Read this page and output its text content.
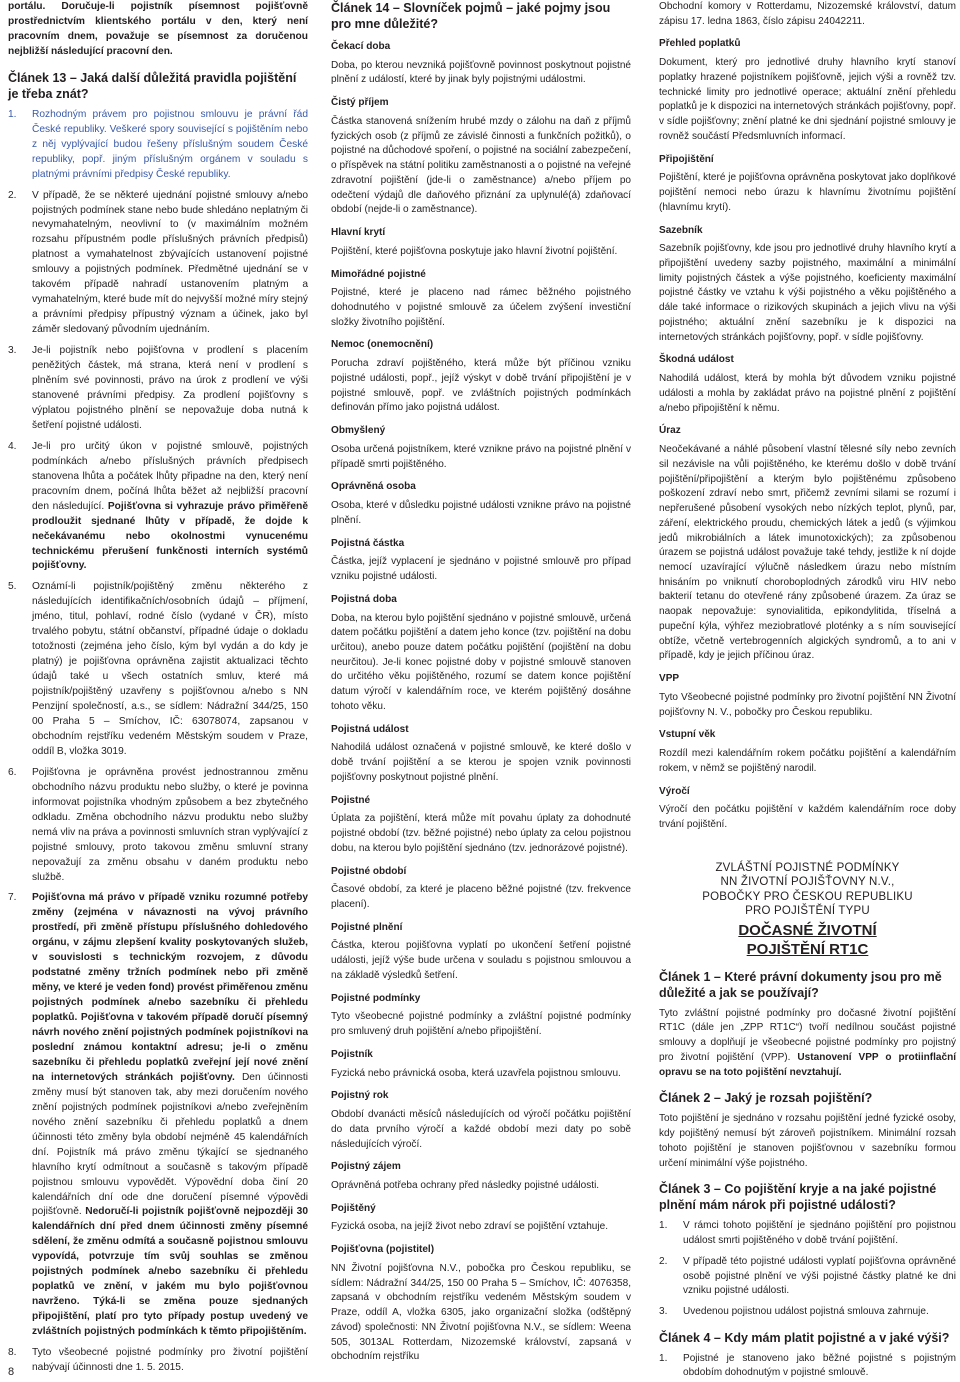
portálu. Doručuje-li pojistník písemnost pojišťovně prostřednictvím klientského portálu v den, který není pracovním dnem, považuje se písemnost za doručenou nejbližší následující pracovní den.

Článek 13 – Jaká další důležitá pravidla pojištění je třeba znát?
1.	Rozhodným právem pro pojistnou smlouvu je právní řád České republiky. Veškeré spory související s pojištěním nebo z něj vyplývající budou řešeny příslušným soudem České republiky, popř. jiným příslušným orgánem v souladu s platnými právními předpisy České republiky.
2.	V případě, že se některé ujednání pojistné smlouvy a/nebo pojistných podmínek stane nebo bude shledáno neplatným či nevymahatelným, neovlivní to (v maximálním možném rozsahu přípustném podle příslušných právních předpisů) platnost a vymahatelnost zbývajících ustanovení pojistné smlouvy a pojistných podmínek. Předmětné ujednání se v takovém případě nahradí ustanovením platným a vymahatelným, které bude mít do nejvyšší možné míry stejný a právními předpisy přípustný význam a účinek, jako byl záměr sledovaný původním ujednáním.
3.	Je-li pojistník nebo pojišťovna v prodlení s placením peněžitých částek, má strana, která není v prodlení s plněním své povinnosti, právo na úrok z prodlení ve výši stanovené právními předpisy. Za prodlení pojišťovny s výplatou pojistného plnění se nepovažuje doba nutná k šetření pojistné události.
4.	Je-li pro určitý úkon v pojistné smlouvě, pojistných podmínkách a/nebo příslušných právních předpisech stanovena lhůta a počátek lhůty připadne na den, který není pracovním dnem, počíná lhůta běžet až nejbližší pracovní den následující. Pojišťovna si vyhrazuje právo přiměřeně prodloužit sjednané lhůty v případě, že dojde k nečekávanému nebo okolnostmi vynucenému technickému přerušení funkčnosti interních systémů pojišťovny.
5.	Oznámí-li pojistník/pojištěný změnu některého z následujících identifikačních/osobních údajů – příjmení, jméno, titul, pohlaví, rodné číslo (vydané v ČR), místo trvalého pobytu, státní občanství, případné údaje o dokladu totožnosti (zejména jeho číslo, kým byl vydán a do kdy je platný) je pojišťovna oprávněna zajistit aktualizaci těchto údajů také u všech ostatních smluv, které má pojistník/pojištěný uzavřeny s pojišťovnou a/nebo s NN Penzijní společností, a.s., se sídlem: Nádražní 344/25, 150 00 Praha 5 – Smíchov, IČ: 63078074, zapsanou v obchodním rejstříku vedeném Městským soudem v Praze, oddíl B, vložka 3019.
6.	Pojišťovna je oprávněna provést jednostrannou změnu obchodního názvu produktu nebo služby, o které je povinna informovat pojistníka vhodným způsobem a bez zbytečného odkladu. Změna obchodního názvu produktu nebo služby nemá vliv na práva a povinnosti smluvních stran vyplývající z pojistné smlouvy, proto takovou změnu smluvní strany nepovažují za změnu obsahu v daném produktu nebo službě.
7.	Pojišťovna má právo v případě vzniku rozumné potřeby změny (zejména v návaznosti na vývoj právního prostředí, při změně přístupu příslušného dohledového orgánu, v zájmu zlepšení kvality poskytovaných služeb, v souvislosti s technickým rozvojem, z důvodu podstatné změny tržních podmínek nebo při změně měny, ve které je veden fond) provést přiměřenou změnu pojistných podmínek a/nebo sazebníku či přehledu poplatků. Pojišťovna v takovém případě doručí písemný návrh nového znění pojistných podmínek pojistníkovi na poslední známou kontaktní adresu; je-li o změnu sazebníku či přehledu poplatků zveřejní její nové znění na internetových stránkách pojišťovny. Den účinnosti změny musí být stanoven tak, aby mezi doručením nového znění pojistných podmínek pojistníkovi a/nebo zveřejněním nového znění sazebníku či přehledu poplatků a dnem účinnosti této změny byla období nejméně 45 kalendářních dní. Pojistník má právo změnu týkající se sjednaného hlavního krytí odmítnout a současně s takovým případě pojistnou smlouvu vypovědět. Výpovědní doba činí 20 kalendářních dní ode dne doručení písemné výpovědi pojišťovně. Nedoručí-li pojistník pojišťovně nejpozději 30 kalendářních dní před dnem účinnosti změny písemné sdělení, že změnu odmítá a současně pojistnou smlouvu vypovídá, potvrzuje tím svůj souhlas se změnou pojistných podmínek a/nebo sazebníku či přehledu poplatků ve znění, v jakém mu bylo pojišťovnou navrženo. Týká-li se změna pouze sjednaných připojištění, platí pro tyto případy postup uvedený ve zvláštních pojistných podmínkách k těmto připojištěním.
8.	Tyto všeobecné pojistné podmínky pro životní pojištění nabývají účinnosti dne 1. 5. 2015.
8
Článek 14 – Slovníček pojmů – jaké pojmy jsou pro mne důležité?
Čekací doba

Doba, po kterou nevzniká pojišťovně povinnost poskytnout pojistné plnění z událostí, které by jinak byly pojistnými událostmi.

Čistý příjem

Částka stanovená snížením hrubé mzdy o zálohu na daň z příjmů fyzických osob (z příjmů ze závislé činnosti a funkčních požitků), o pojistné na důchodové spoření, o pojistné na sociální zabezpečení, o příspěvek na státní politiku zaměstnanosti a o pojistné na veřejné zdravotní pojištění (jde-li o zaměstnance) a/nebo příjem po odečtení výdajů dle daňového přiznání za uplynulé(á) zdaňovací období (nejde-li o zaměstnance).

Hlavní krytí

Pojištění, které pojišťovna poskytuje jako hlavní životní pojištění.

Mimořádné pojistné

Pojistné, které je placeno nad rámec běžného pojistného dohodnutého v pojistné smlouvě za účelem zvýšení investiční složky životního pojištění.

Nemoc (onemocnění)

Porucha zdraví pojištěného, která může být příčinou vzniku pojistné události, popř., jejíž výskyt v době trvání připojištění je v pojistné smlouvě, popř. ve zvláštních pojistných podmínkách definován přímo jako pojistná událost.

Obmyšlený

Osoba určená pojistníkem, které vznikne právo na pojistné plnění v případě smrti pojištěného.

Oprávněná osoba

Osoba, které v důsledku pojistné události vznikne právo na pojistné plnění.

Pojistná částka

Částka, jejíž vyplacení je sjednáno v pojistné smlouvě pro případ vzniku pojistné události.

Pojistná doba

Doba, na kterou bylo pojištění sjednáno v pojistné smlouvě, určená datem počátku pojištění a datem jeho konce (tzv. pojištění na dobu určitou), anebo pouze datem počátku pojištění (pojištění na dobu neurčitou). Je-li konec pojistné doby v pojistné smlouvě stanoven do určitého věku pojištěného, rozumí se datem konce pojištění datum výročí v kalendářním roce, ve kterém pojištěný dosáhne tohoto věku.

Pojistná událost

Nahodilá událost označená v pojistné smlouvě, ke které došlo v době trvání pojištění a se kterou je spojen vznik povinnosti pojišťovny poskytnout pojistné plnění.

Pojistné

Úplata za pojištění, která může mít povahu úplaty za dohodnuté pojistné období (tzv. běžné pojistné) nebo úplaty za celou pojistnou dobu, na kterou bylo pojištění sjednáno (tzv. jednorázové pojistné).

Pojistné období

Časové období, za které je placeno běžné pojistné (tzv. frekvence placení).

Pojistné plnění

Částka, kterou pojišťovna vyplatí po ukončení šetření pojistné události, jejíž výše bude určena v souladu s pojistnou smlouvou a na základě výsledků šetření.

Pojistné podmínky

Tyto všeobecné pojistné podmínky a zvláštní pojistné podmínky pro smluvený druh pojištění a/nebo připojištění.

Pojistník

Fyzická nebo právnická osoba, která uzavřela pojistnou smlouvu.

Pojistný rok

Období dvanácti měsíců následujících od výročí počátku pojištění do data prvního výročí a každé období mezi daty po sobě následujících výročí.

Pojistný zájem

Oprávněná potřeba ochrany před následky pojistné události.

Pojištěný

Fyzická osoba, na jejíž život nebo zdraví se pojištění vztahuje.

Pojišťovna (pojistitel)

NN Životní pojišťovna N.V., pobočka pro Českou republiku, se sídlem: Nádražní 344/25, 150 00 Praha 5 – Smíchov, IČ: 4076358, zapsaná v obchodním rejstříku vedeném Městským soudem v Praze, oddíl A, vložka 6305, jako organizační složka (odštěpný závod) společnosti: NN Životní pojišťovna N.V., se sídlem: Weena 505, 3013AL Rotterdam, Nizozemské království, zapsaná v obchodním rejstříku

Obchodní komory v Rotterdamu, Nizozemské království, datum zápisu 17. ledna 1863, číslo zápisu 24042211.

Přehled poplatků

Dokument, který pro jednotlivé druhy hlavního krytí stanoví poplatky hrazené pojistníkem pojišťovně, jejich výši a rovněž tzv. technické limity pro jednotlivé operace; aktuální znění přehledu poplatků je k dispozici na internetových stránkách pojišťovny, popř. v sídle pojišťovny; znění platné ke dni sjednání pojistné smlouvy je rovněž součástí Předsmluvních informací.

Připojištění

Pojištění, které je pojišťovna oprávněna poskytovat jako doplňkové pojištění nemoci nebo úrazu k hlavnímu životnímu pojištění (hlavnímu krytí).

Sazebník

Sazebník pojišťovny, kde jsou pro jednotlivé druhy hlavního krytí a připojištění uvedeny sazby pojistného, maximální a minimální limity pojistných částek a výše pojistného, koeficienty maximální pojistné částky ve vztahu k výši pojistného a věku pojištěného a dále také informace o rizikových skupinách a jejich vlivu na výši pojistného; aktuální znění sazebníku je k dispozici na internetových stránkách pojišťovny, popř. v sídle pojišťovny.

Škodná událost

Nahodilá událost, která by mohla být důvodem vzniku pojistné události a mohla by zakládat právo na pojistné plnění z pojištění a/nebo připojištění k němu.

Úraz

Neočekávané a náhlé působení vlastní tělesné síly nebo zevních sil nezávisle na vůli pojištěného, ke kterému došlo v době trvání pojištění/připojištění a kterým bylo pojištěnému způsobeno poškození zdraví nebo smrt, přičemž zevními silami se rozumí i nepřerušené působení vysokých nebo nízkých teplot, plynů, par, záření, elektrického proudu, chemických látek a jedů (s výjimkou jedů mikrobiálních a látek imunotoxických); za způsobenou úrazem se pojistná událost považuje také tehdy, jestliže k ní dojde nemocí uzavírající výlučně následkem úrazu nebo místním hnisáním po vniknutí choroboplodných zárodků viru HIV nebo bakterií tetanu do otevřené rány způsobené úrazem. Za úraz se naopak nepovažuje: synovialitida, epikondylitida, tříselná a pupeční kýla, výhřez meziobratlové ploténky a s ním související obtíže, včetně vertebrogenních algických syndromů, a to ani v případě, kdy je jejich příčinou úraz.

VPP

Tyto Všeobecné pojistné podmínky pro životní pojištění NN Životní pojišťovny N. V., pobočky pro Českou republiku.

Vstupní věk

Rozdíl mezi kalendářním rokem počátku pojištění a kalendářním rokem, v němž se pojištěný narodil.

Výročí

Výročí den počátku pojištění v každém kalendářním roce doby trvání pojištění.

ZVLÁŠTNÍ POJISTNÉ PODMÍNKY
NN ŽIVOTNÍ POJIŠŤOVNY N.V.,
POBOČKY PRO ČESKOU REPUBLIKU
PRO POJIŠTĚNÍ TYPU
DOČASNÉ ŽIVOTNÍ
POJIŠTĚNÍ RT1C
Článek 1 – Které právní dokumenty jsou pro mě důležité a jak se používají?

Tyto zvláštní pojistné podmínky pro dočasné životní pojištění RT1C (dále jen „ZPP RT1C“) tvoří nedílnou součást pojistné smlouvy a doplňují je všeobecné pojistné podmínky pro pojistný pro životní pojištění (VPP). Ustanovení VPP o protiinflační opravu se na toto pojištění nevztahují.

Článek 2 – Jaký je rozsah pojištění?

Toto pojištění je sjednáno v rozsahu pojištění jedné fyzické osoby, kdy pojištěný nemusí být zároveň pojistníkem. Minimální rozsah tohoto pojištění je stanoven pojišťovnou v sazebníku formou určení minimální výše pojistného.

Článek 3 – Co pojištění kryje a na jaké pojistné plnění mám nárok při pojistné události?
1.	V rámci tohoto pojištění je sjednáno pojištění pro pojistnou událost smrti pojištěného v době trvání pojištění.
2.	V případě této pojistné události vyplatí pojišťovna oprávněné osobě pojistné plnění ve výši pojistné částky platné ke dni vzniku pojistné události.
3.	Uvedenou pojistnou událost pojistná smlouva zahrnuje.
Článek 4 – Kdy mám platit pojistné a v jaké výši?
1.	Pojistné je stanoveno jako běžné pojistné s pojistným obdobím dohodnutým v pojistné smlouvě.
